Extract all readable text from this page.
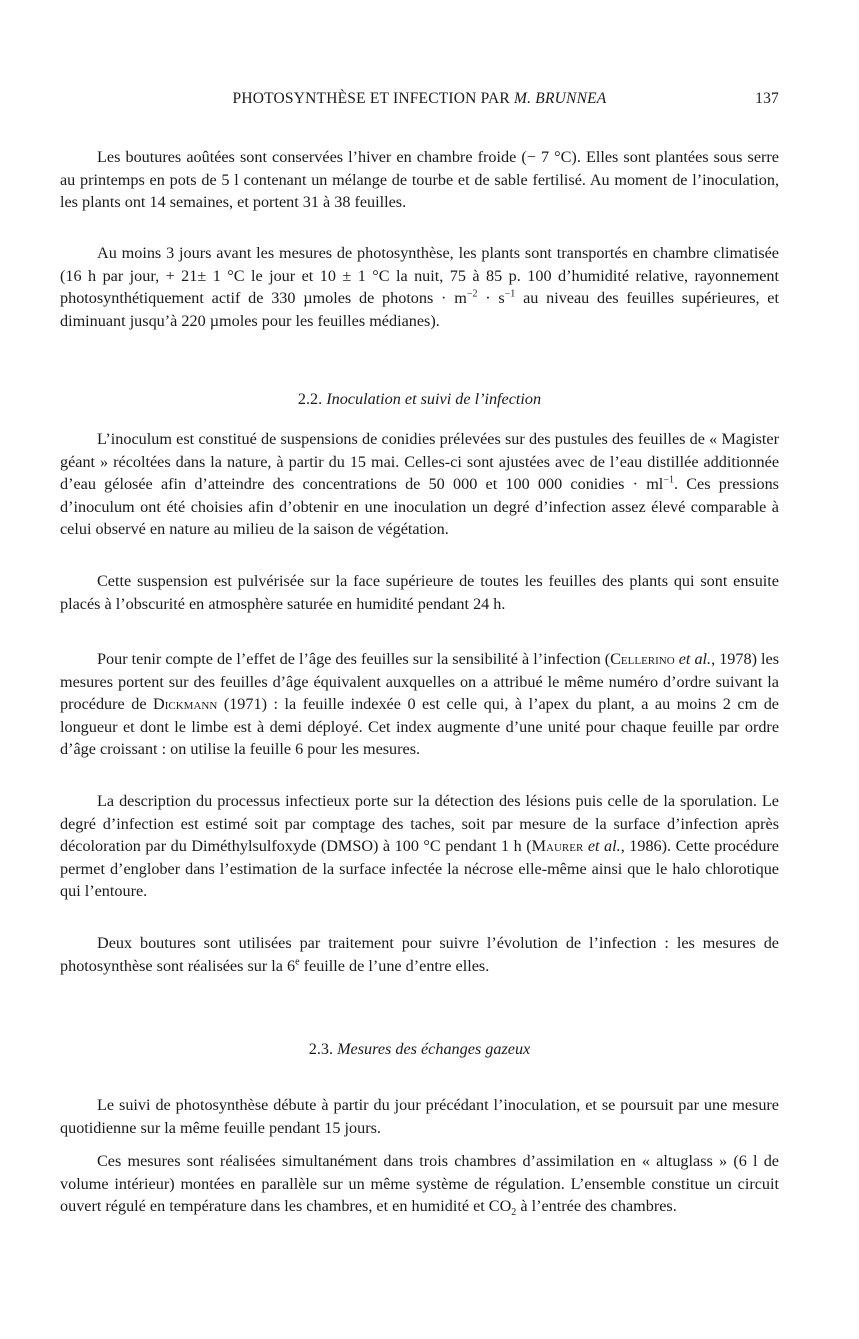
PHOTOSYNTHÈSE ET INFECTION PAR M. BRUNNEA	137

Les boutures aoûtées sont conservées l’hiver en chambre froide (− 7 °C). Elles sont plantées sous serre au printemps en pots de 5 l contenant un mélange de tourbe et de sable fertilisé. Au moment de l’inoculation, les plants ont 14 semaines, et portent 31 à 38 feuilles.

Au moins 3 jours avant les mesures de photosynthèse, les plants sont transportés en chambre climatisée (16 h par jour, + 21± 1 °C le jour et 10 ± 1 °C la nuit, 75 à 85 p. 100 d’humidité relative, rayonnement photosynthétiquement actif de 330 µmoles de photons · $m^{-2} \cdot s^{-1}$ au niveau des feuilles supérieures, et diminuant jusqu’à 220 µmoles pour les feuilles médianes).

2.2. Inoculation et suivi de l’infection

L’inoculum est constitué de suspensions de conidies prélevées sur des pustules des feuilles de « Magister géant » récoltées dans la nature, à partir du 15 mai. Celles-ci sont ajustées avec de l’eau distillée additionnée d’eau gélosée afin d’atteindre des concentrations de 50 000 et 100 000 conidies · $ml^{-1}$. Ces pressions d’inoculum ont été choisies afin d’obtenir en une inoculation un degré d’infection assez élevé comparable à celui observé en nature au milieu de la saison de végétation.

Cette suspension est pulvérisée sur la face supérieure de toutes les feuilles des plants qui sont ensuite placés à l’obscurité en atmosphère saturée en humidité pendant 24 h.

Pour tenir compte de l’effet de l’âge des feuilles sur la sensibilité à l’infection (Cellerino et al., 1978) les mesures portent sur des feuilles d’âge équivalent auxquelles on a attribué le même numéro d’ordre suivant la procédure de Dickmann (1971) : la feuille indexée 0 est celle qui, à l’apex du plant, a au moins 2 cm de longueur et dont le limbe est à demi déployé. Cet index augmente d’une unité pour chaque feuille par ordre d’âge croissant : on utilise la feuille 6 pour les mesures.

La description du processus infectieux porte sur la détection des lésions puis celle de la sporulation. Le degré d’infection est estimé soit par comptage des taches, soit par mesure de la surface d’infection après décoloration par du Diméthylsulfoxyde (DMSO) à 100 °C pendant 1 h (Maurer et al., 1986). Cette procédure permet d’englober dans l’estimation de la surface infectée la nécrose elle-même ainsi que le halo chlorotique qui l’entoure.

Deux boutures sont utilisées par traitement pour suivre l’évolution de l’infection : les mesures de photosynthèse sont réalisées sur la 6e feuille de l’une d’entre elles.

2.3. Mesures des échanges gazeux

Le suivi de photosynthèse débute à partir du jour précédant l’inoculation, et se poursuit par une mesure quotidienne sur la même feuille pendant 15 jours.

Ces mesures sont réalisées simultanément dans trois chambres d’assimilation en « altuglass » (6 l de volume intérieur) montées en parallèle sur un même système de régulation. L’ensemble constitue un circuit ouvert régulé en température dans les chambres, et en humidité et $CO_2$ à l’entrée des chambres.
